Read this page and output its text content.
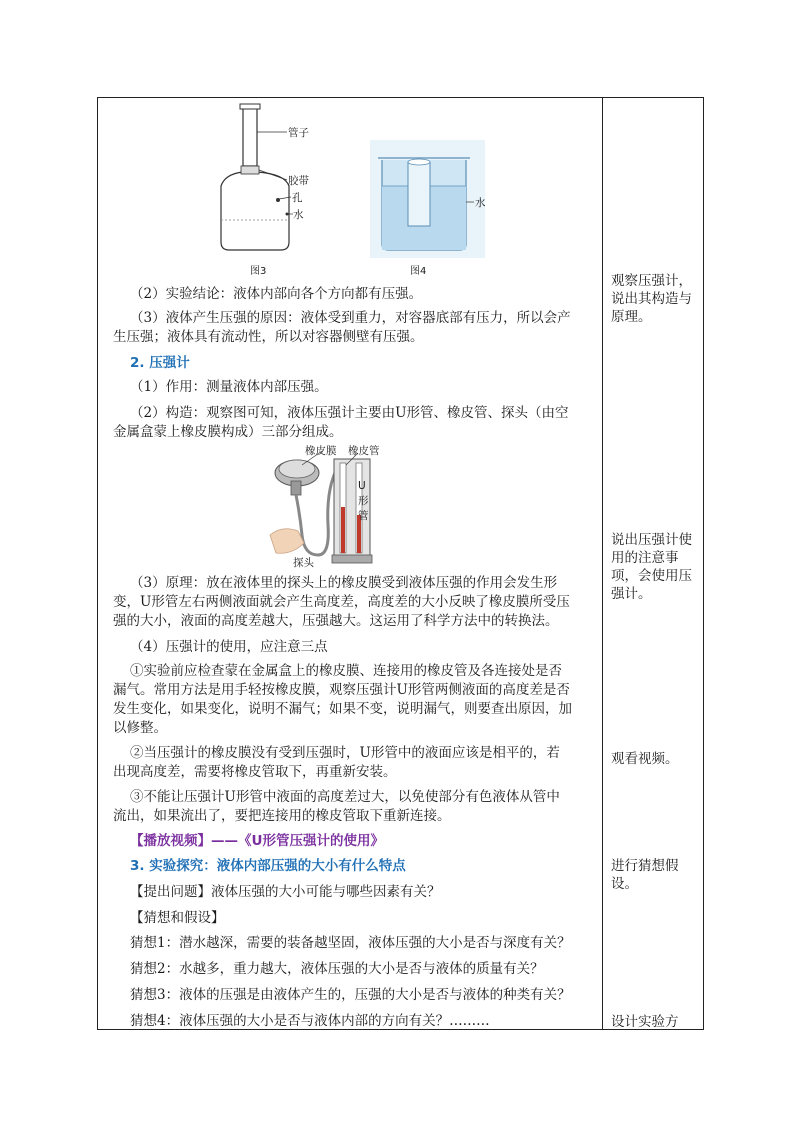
管子
胶带
孔
水
图3
水
图4
（2）实验结论：液体内部向各个方向都有压强。
（3）液体产生压强的原因：液体受到重力，对容器底部有压力，所以会产
生压强；液体具有流动性，所以对容器侧壁有压强。
2. 压强计
（1）作用：测量液体内部压强。
（2）构造：观察图可知，液体压强计主要由U形管、橡皮管、探头（由空
金属盒蒙上橡皮膜构成）三部分组成。
橡皮膜 橡皮管
U
形
管
探头
（3）原理：放在液体里的探头上的橡皮膜受到液体压强的作用会发生形
变，U形管左右两侧液面就会产生高度差，高度差的大小反映了橡皮膜所受压
强的大小，液面的高度差越大，压强越大。这运用了科学方法中的转换法。
（4）压强计的使用，应注意三点
①实验前应检查蒙在金属盒上的橡皮膜、连接用的橡皮管及各连接处是否
漏气。常用方法是用手轻按橡皮膜，观察压强计U形管两侧液面的高度差是否
发生变化，如果变化，说明不漏气；如果不变，说明漏气，则要查出原因，加
以修整。
②当压强计的橡皮膜没有受到压强时，U形管中的液面应该是相平的，若
出现高度差，需要将橡皮管取下，再重新安装。
③不能让压强计U形管中液面的高度差过大，以免使部分有色液体从管中
流出，如果流出了，要把连接用的橡皮管取下重新连接。
【播放视频】——《U形管压强计的使用》
3. 实验探究：液体内部压强的大小有什么特点
【提出问题】液体压强的大小可能与哪些因素有关？
【猜想和假设】
猜想1：潜水越深，需要的装备越坚固，液体压强的大小是否与深度有关？
猜想2：水越多，重力越大，液体压强的大小是否与液体的质量有关？
猜想3：液体的压强是由液体产生的，压强的大小是否与液体的种类有关？
猜想4：液体压强的大小是否与液体内部的方向有关？………
观察压强计，
说出其构造与
原理。
说出压强计使
用的注意事
项，会使用压
强计。
观看视频。
进行猜想假
设。
设计实验方
